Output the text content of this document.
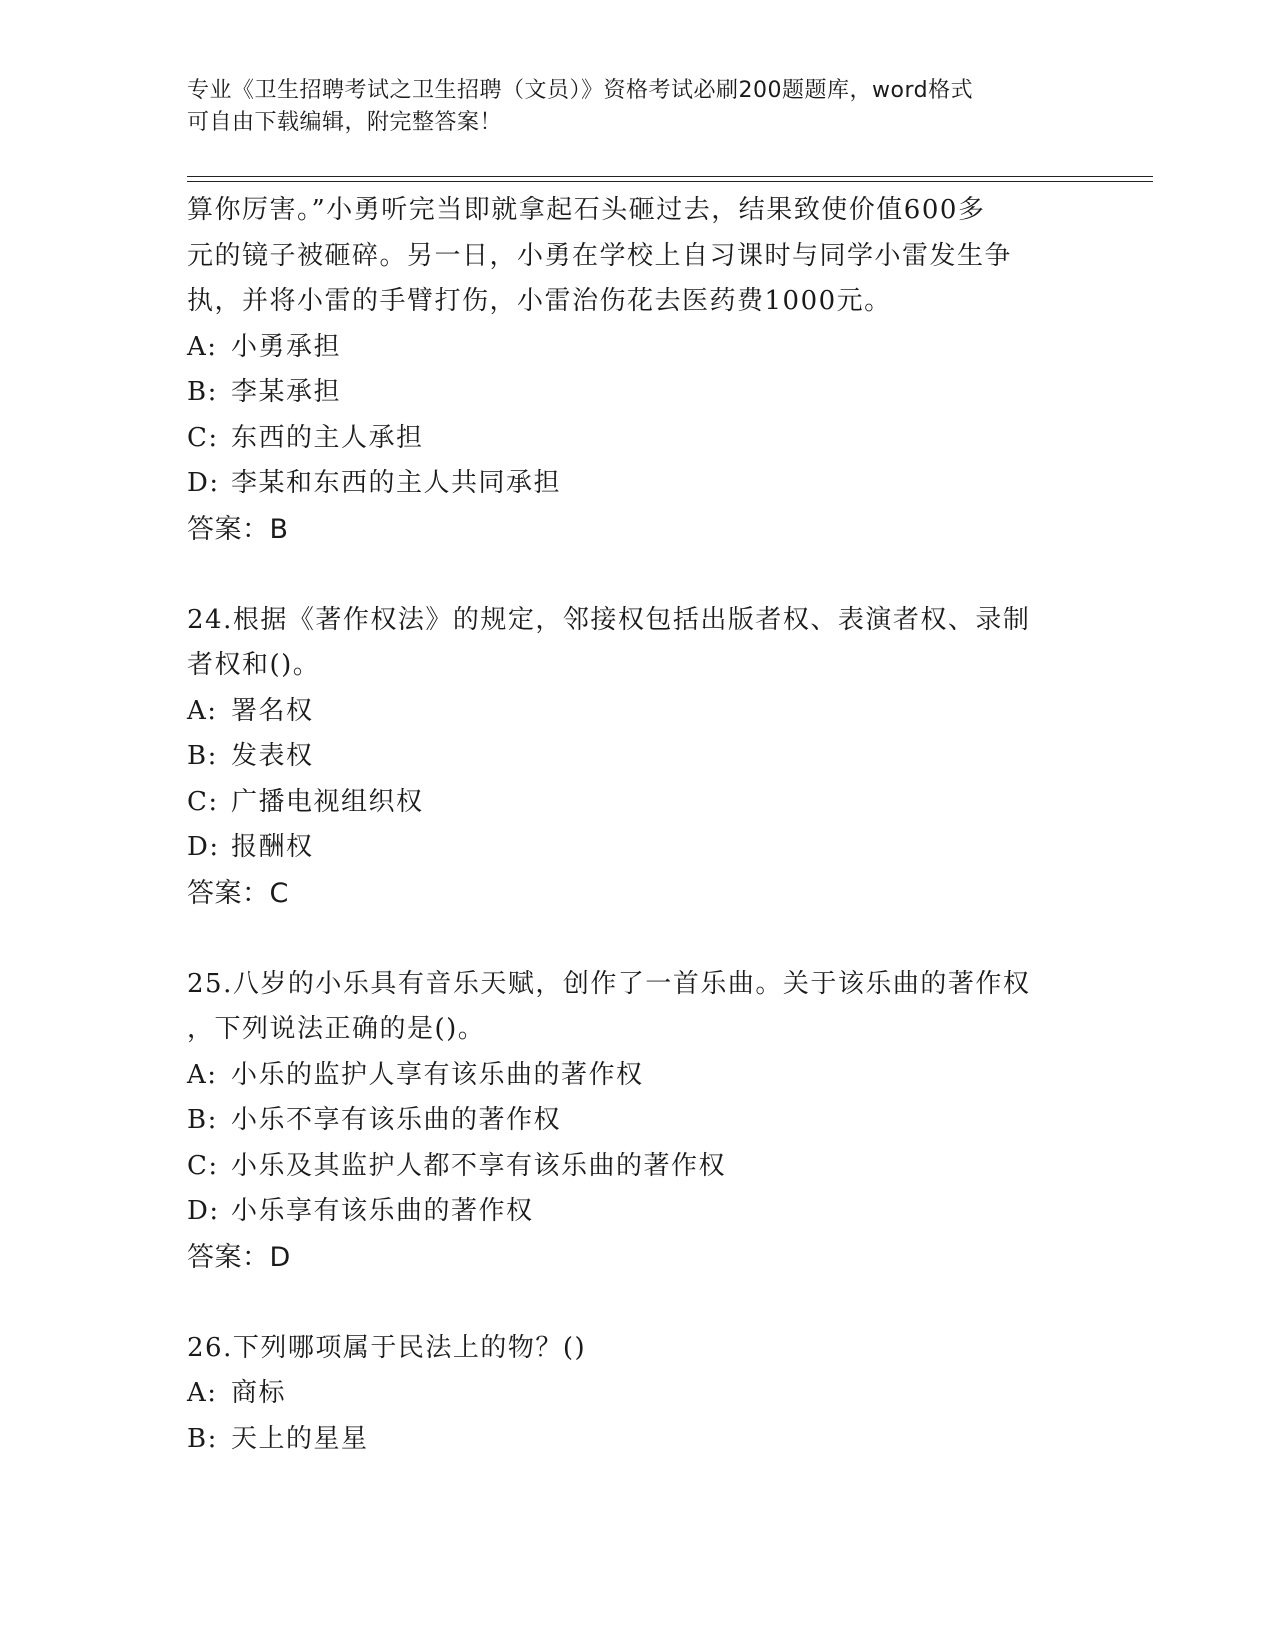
专业《卫生招聘考试之卫生招聘（文员）》资格考试必刷200题题库，word格式
可自由下载编辑，附完整答案！
算你厉害。”小勇听完当即就拿起石头砸过去，结果致使价值600多
元的镜子被砸碎。另一日，小勇在学校上自习课时与同学小雷发生争
执，并将小雷的手臂打伤，小雷治伤花去医药费1000元。
A: 小勇承担
B: 李某承担
C: 东西的主人承担
D: 李某和东西的主人共同承担
答案：B
24.根据《著作权法》的规定，邻接权包括出版者权、表演者权、录制
者权和()。
A: 署名权
B: 发表权
C: 广播电视组织权
D: 报酬权
答案：C
25.八岁的小乐具有音乐天赋，创作了一首乐曲。关于该乐曲的著作权
，下列说法正确的是()。
A: 小乐的监护人享有该乐曲的著作权
B: 小乐不享有该乐曲的著作权
C: 小乐及其监护人都不享有该乐曲的著作权
D: 小乐享有该乐曲的著作权
答案：D
26.下列哪项属于民法上的物？()
A: 商标
B: 天上的星星
